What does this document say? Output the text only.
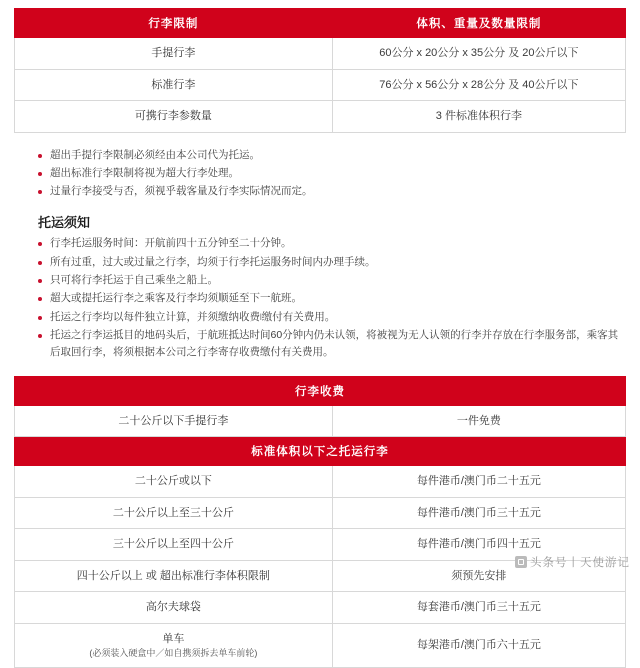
行李限制	体积、重量及数量限制
手提行李	60公分 x 20公分 x 35公分 及 20公斤以下
标准行李	76公分 x 56公分 x 28公分 及 40公斤以下
可携行李参数量	3 件标准体积行李
超出手提行李限制必须经由本公司代为托运。
超出标准行李限制将视为超大行李处理。
过量行李接受与否，须视乎载客量及行李实际情况而定。
托运须知
行李托运服务时间：开航前四十五分钟至二十分钟。
所有过重，过大或过量之行李，均须于行李托运服务时间内办理手续。
只可将行李托运于自己乘坐之船上。
超大或提托运行李之乘客及行李均须顺延至下一航班。
托运之行李均以每件独立计算，并须缴纳收费৷缴付有关费用。
托运之行李运抵目的地码头后，于航班抵达时间60分钟内仍未认领，将被视为无人认领的行李并存放在行李服务部，乘客其后取回行李，将须根据本公司之行李寄存收费缴付有关费用。
行李收费	
二十公斤以下手提行李	一件免费
标准体积以下之托运行李	
二十公斤或以下	每件港币/澳门币二十五元
二十公斤以上至三十公斤	每件港币/澳门币三十五元
三十公斤以上至四十公斤	每件港币/澳门币四十五元
四十公斤以上 或 超出标准行李体积限制	须预先安排
高尔夫球袋	每套港币/澳门币三十五元
单车
(必须装入硬盒中／如自携须拆去单车前轮)	每架港币/澳门币六十五元
头条号丨天使游记
